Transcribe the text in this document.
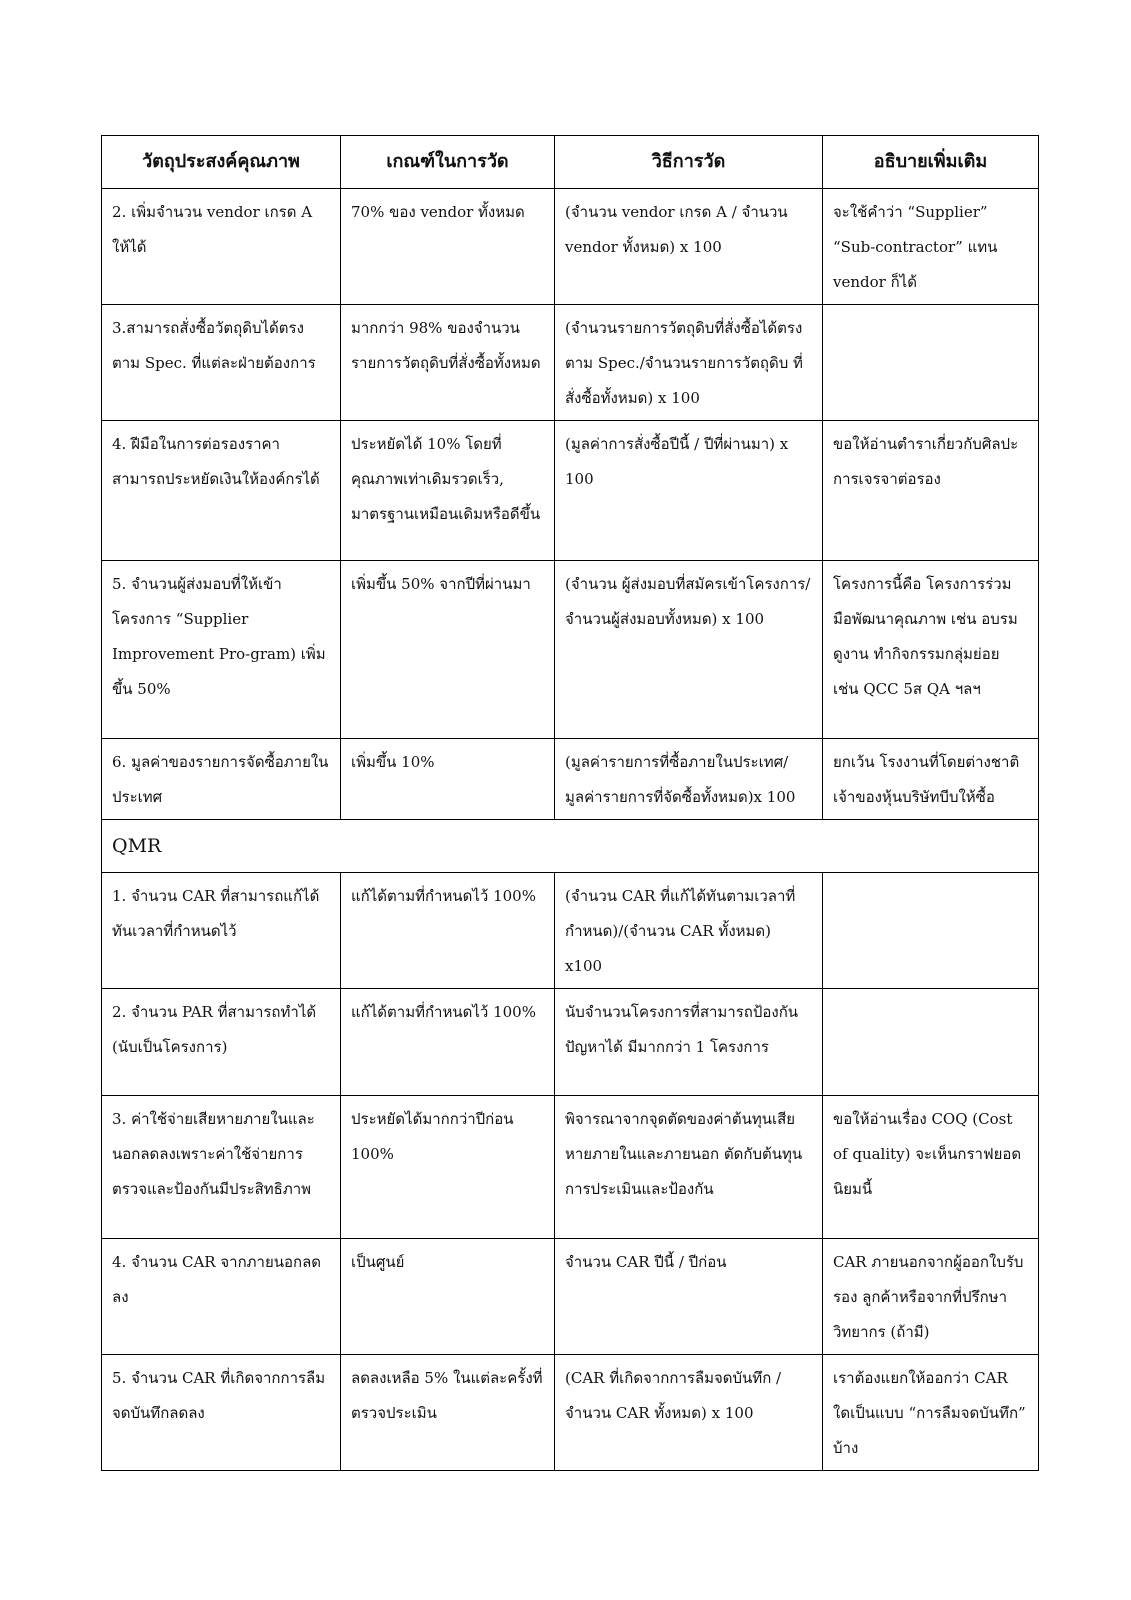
วัตถุประสงค์คุณภาพ	เกณฑ์ในการวัด	วิธีการวัด	อธิบายเพิ่มเติม
2. เพิ่มจำนวน vendor เกรด A ให้ได้	70% ของ vendor ทั้งหมด	(จำนวน vendor เกรด A / จำนวน vendor ทั้งหมด) x 100	จะใช้คำว่า “Supplier” “Sub-contractor” แทน vendor ก็ได้
3.สามารถสั่งซื้อวัตถุดิบได้ตรงตาม Spec. ที่แต่ละฝ่ายต้องการ	มากกว่า 98% ของจำนวนรายการวัตถุดิบที่สั่งซื้อทั้งหมด	(จำนวนรายการวัตถุดิบที่สั่งซื้อได้ตรงตาม Spec./จำนวนรายการวัตถุดิบ ที่สั่งซื้อทั้งหมด) x 100	
4. ฝีมือในการต่อรองราคาสามารถประหยัดเงินให้องค์กรได้	ประหยัดได้ 10% โดยที่คุณภาพเท่าเดิมรวดเร็ว, มาตรฐานเหมือนเดิมหรือดีขึ้น	(มูลค่าการสั่งซื้อปีนี้ / ปีที่ผ่านมา) x 100	ขอให้อ่านตำราเกี่ยวกับศิลปะการเจรจาต่อรอง
5. จำนวนผู้ส่งมอบที่ให้เข้าโครงการ “Supplier Improvement Pro-gram) เพิ่มขึ้น 50%	เพิ่มขึ้น 50% จากปีที่ผ่านมา	(จำนวน ผู้ส่งมอบที่สมัครเข้าโครงการ/จำนวนผู้ส่งมอบทั้งหมด) x 100	โครงการนี้คือ โครงการร่วมมือพัฒนาคุณภาพ เช่น อบรม ดูงาน ทำกิจกรรมกลุ่มย่อย เช่น QCC 5ส QA ฯลฯ
6. มูลค่าของรายการจัดซื้อภายในประเทศ	เพิ่มขึ้น 10%	(มูลค่ารายการที่ซื้อภายในประเทศ/มูลค่ารายการที่จัดซื้อทั้งหมด)x 100	ยกเว้น โรงงานที่โดยต่างชาติเจ้าของหุ้นบริษัทบีบให้ซื้อ
QMR			
1. จำนวน CAR ที่สามารถแก้ได้ทันเวลาที่กำหนดไว้	แก้ได้ตามที่กำหนดไว้ 100%	(จำนวน CAR ที่แก้ได้ทันตามเวลาที่กำหนด)/(จำนวน CAR ทั้งหมด) x100	
2. จำนวน PAR ที่สามารถทำได้ (นับเป็นโครงการ)	แก้ได้ตามที่กำหนดไว้ 100%	นับจำนวนโครงการที่สามารถป้องกันปัญหาได้ มีมากกว่า 1 โครงการ	
3. ค่าใช้จ่ายเสียหายภายในและนอกลดลงเพราะค่าใช้จ่ายการตรวจและป้องกันมีประสิทธิภาพ	ประหยัดได้มากกว่าปีก่อน 100%	พิจารณาจากจุดตัดของค่าต้นทุนเสียหายภายในและภายนอก ตัดกับต้นทุนการประเมินและป้องกัน	ขอให้อ่านเรื่อง COQ (Cost of quality) จะเห็นกราฟยอดนิยมนี้
4. จำนวน CAR จากภายนอกลดลง	เป็นศูนย์	จำนวน CAR ปีนี้ / ปีก่อน	CAR ภายนอกจากผู้ออกใบรับรอง ลูกค้าหรือจากที่ปรึกษาวิทยากร (ถ้ามี)
5. จำนวน CAR ที่เกิดจากการลืม จดบันทึกลดลง	ลดลงเหลือ 5% ในแต่ละครั้งที่ตรวจประเมิน	(CAR ที่เกิดจากการลืมจดบันทึก / จำนวน CAR ทั้งหมด) x 100	เราต้องแยกให้ออกว่า CAR ใดเป็นแบบ “การลืมจดบันทึก” บ้าง
